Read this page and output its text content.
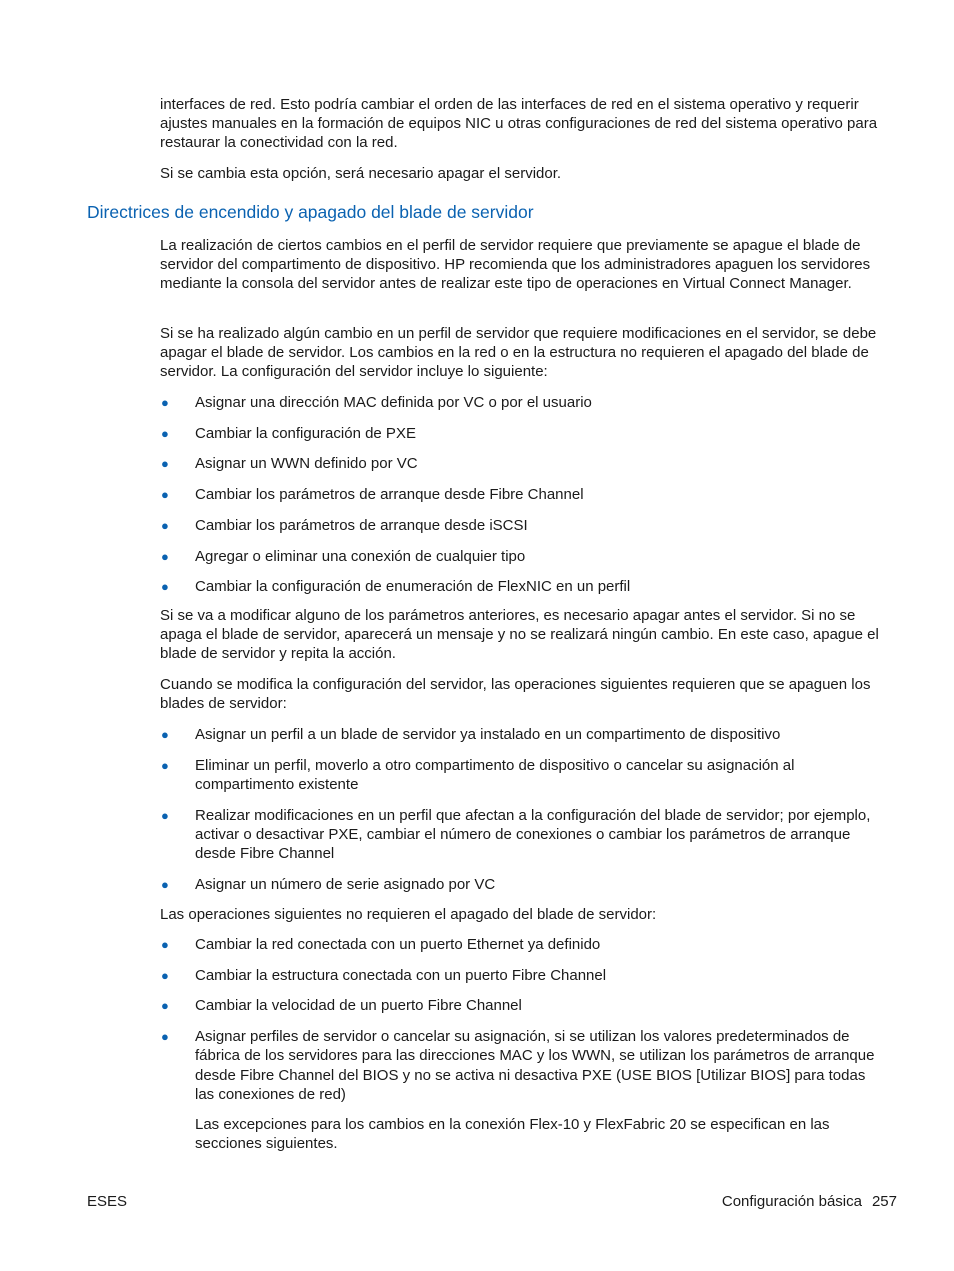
interfaces de red. Esto podría cambiar el orden de las interfaces de red en el sistema operativo y requerir ajustes manuales en la formación de equipos NIC u otras configuraciones de red del sistema operativo para restaurar la conectividad con la red.

Si se cambia esta opción, será necesario apagar el servidor.

Directrices de encendido y apagado del blade de servidor

La realización de ciertos cambios en el perfil de servidor requiere que previamente se apague el blade de servidor del compartimento de dispositivo. HP recomienda que los administradores apaguen los servidores mediante la consola del servidor antes de realizar este tipo de operaciones en Virtual Connect Manager.

Si se ha realizado algún cambio en un perfil de servidor que requiere modificaciones en el servidor, se debe apagar el blade de servidor. Los cambios en la red o en la estructura no requieren el apagado del blade de servidor. La configuración del servidor incluye lo siguiente:

● Asignar una dirección MAC definida por VC o por el usuario
● Cambiar la configuración de PXE
● Asignar un WWN definido por VC
● Cambiar los parámetros de arranque desde Fibre Channel
● Cambiar los parámetros de arranque desde iSCSI
● Agregar o eliminar una conexión de cualquier tipo
● Cambiar la configuración de enumeración de FlexNIC en un perfil

Si se va a modificar alguno de los parámetros anteriores, es necesario apagar antes el servidor. Si no se apaga el blade de servidor, aparecerá un mensaje y no se realizará ningún cambio. En este caso, apague el blade de servidor y repita la acción.

Cuando se modifica la configuración del servidor, las operaciones siguientes requieren que se apaguen los blades de servidor:

● Asignar un perfil a un blade de servidor ya instalado en un compartimento de dispositivo
● Eliminar un perfil, moverlo a otro compartimento de dispositivo o cancelar su asignación al compartimento existente
● Realizar modificaciones en un perfil que afectan a la configuración del blade de servidor; por ejemplo, activar o desactivar PXE, cambiar el número de conexiones o cambiar los parámetros de arranque desde Fibre Channel
● Asignar un número de serie asignado por VC

Las operaciones siguientes no requieren el apagado del blade de servidor:

● Cambiar la red conectada con un puerto Ethernet ya definido
● Cambiar la estructura conectada con un puerto Fibre Channel
● Cambiar la velocidad de un puerto Fibre Channel
● Asignar perfiles de servidor o cancelar su asignación, si se utilizan los valores predeterminados de fábrica de los servidores para las direcciones MAC y los WWN, se utilizan los parámetros de arranque desde Fibre Channel del BIOS y no se activa ni desactiva PXE (USE BIOS [Utilizar BIOS] para todas las conexiones de red)

Las excepciones para los cambios en la conexión Flex-10 y FlexFabric 20 se especifican en las secciones siguientes.

ESES	Configuración básica 257
